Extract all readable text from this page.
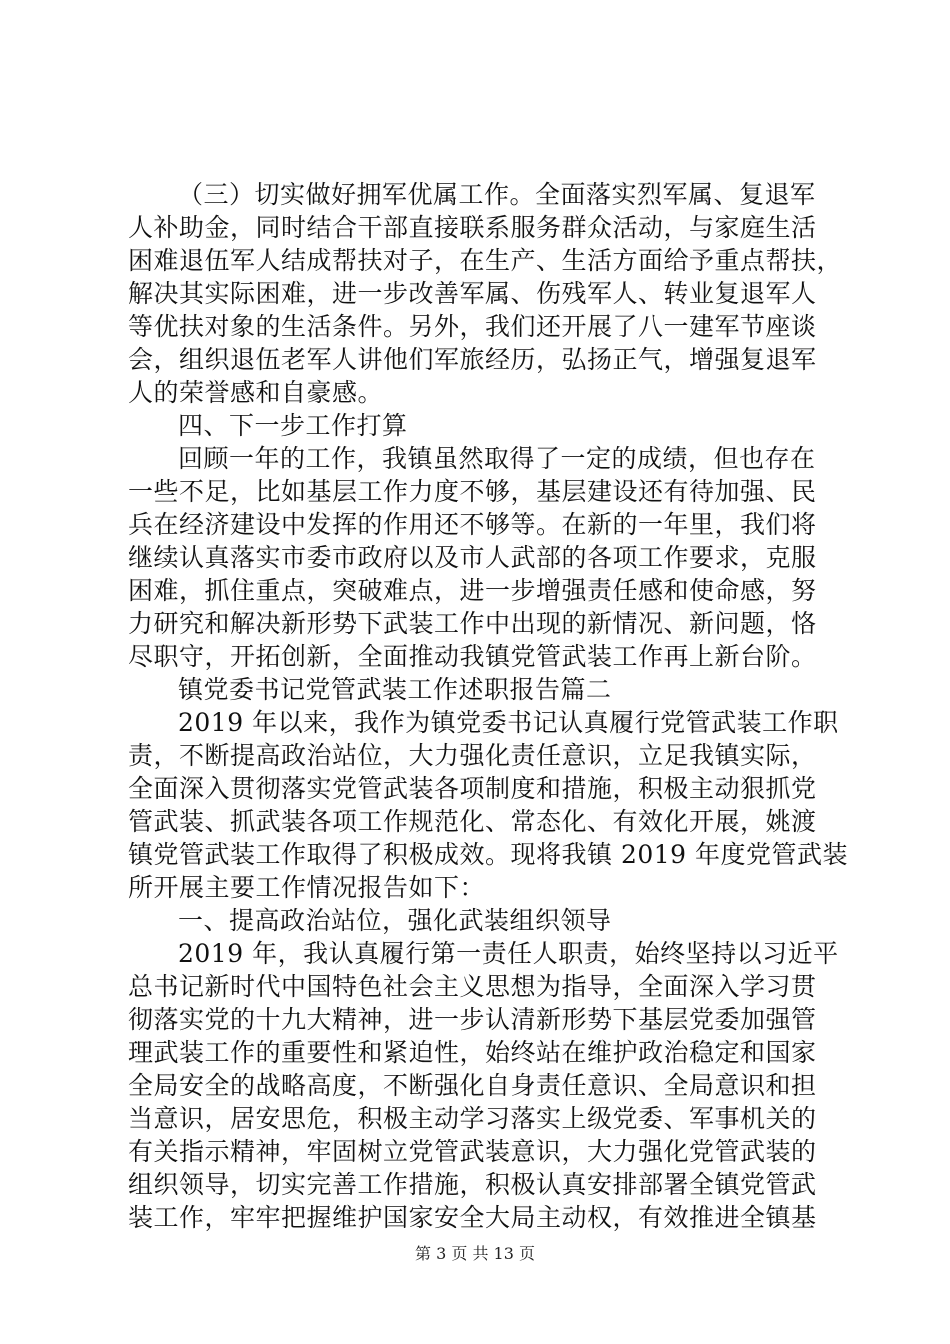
（三）切实做好拥军优属工作。全面落实烈军属、复退军
人补助金，同时结合干部直接联系服务群众活动，与家庭生活
困难退伍军人结成帮扶对子，在生产、生活方面给予重点帮扶，
解决其实际困难，进一步改善军属、伤残军人、转业复退军人
等优扶对象的生活条件。另外，我们还开展了八一建军节座谈
会，组织退伍老军人讲他们军旅经历，弘扬正气，增强复退军
人的荣誉感和自豪感。
四、下一步工作打算
回顾一年的工作，我镇虽然取得了一定的成绩，但也存在
一些不足，比如基层工作力度不够，基层建设还有待加强、民
兵在经济建设中发挥的作用还不够等。在新的一年里，我们将
继续认真落实市委市政府以及市人武部的各项工作要求，克服
困难，抓住重点，突破难点，进一步增强责任感和使命感，努
力研究和解决新形势下武装工作中出现的新情况、新问题，恪
尽职守，开拓创新，全面推动我镇党管武装工作再上新台阶。
镇党委书记党管武装工作述职报告篇二
2019 年以来，我作为镇党委书记认真履行党管武装工作职
责，不断提高政治站位，大力强化责任意识，立足我镇实际，
全面深入贯彻落实党管武装各项制度和措施，积极主动狠抓党
管武装、抓武装各项工作规范化、常态化、有效化开展，姚渡
镇党管武装工作取得了积极成效。现将我镇 2019 年度党管武装
所开展主要工作情况报告如下：
一、提高政治站位，强化武装组织领导
2019 年，我认真履行第一责任人职责，始终坚持以习近平
总书记新时代中国特色社会主义思想为指导，全面深入学习贯
彻落实党的十九大精神，进一步认清新形势下基层党委加强管
理武装工作的重要性和紧迫性，始终站在维护政治稳定和国家
全局安全的战略高度，不断强化自身责任意识、全局意识和担
当意识，居安思危，积极主动学习落实上级党委、军事机关的
有关指示精神，牢固树立党管武装意识，大力强化党管武装的
组织领导，切实完善工作措施，积极认真安排部署全镇党管武
装工作，牢牢把握维护国家安全大局主动权，有效推进全镇基
第 3 页 共 13 页
